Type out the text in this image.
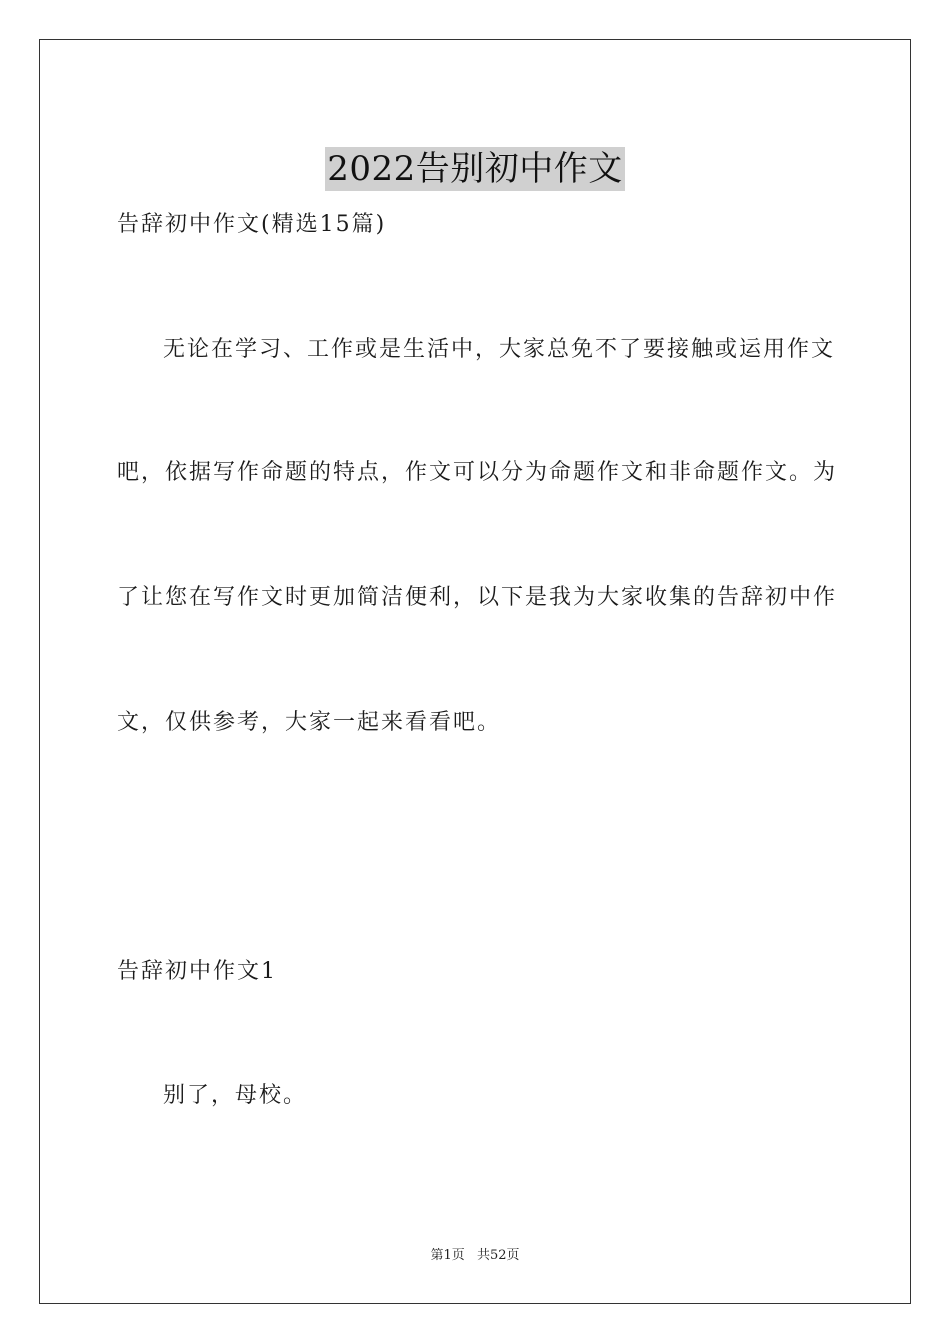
2022告别初中作文
告辞初中作文(精选15篇)
无论在学习、工作或是生活中，大家总免不了要接触或运用作文
吧，依据写作命题的特点，作文可以分为命题作文和非命题作文。为
了让您在写作文时更加简洁便利，以下是我为大家收集的告辞初中作
文，仅供参考，大家一起来看看吧。
告辞初中作文1
别了，母校。
第1页 共52页
